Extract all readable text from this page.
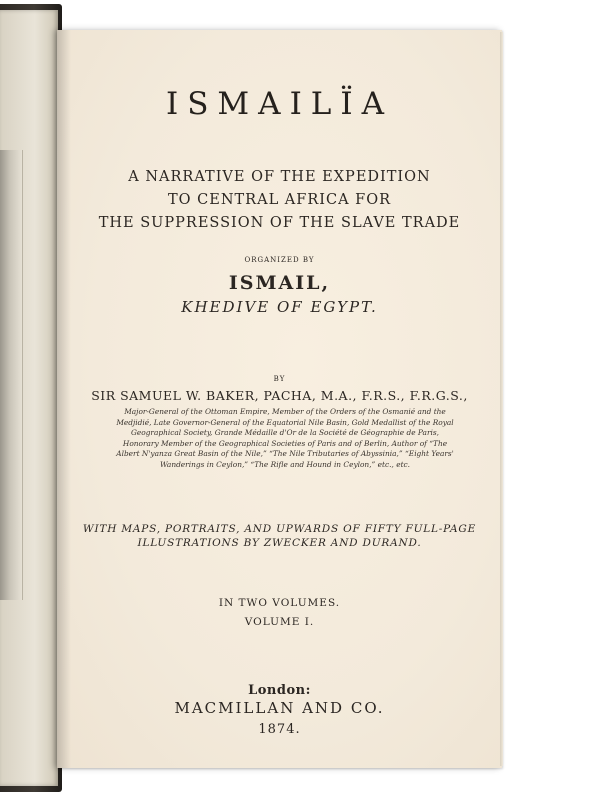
ISMAILÏA
A NARRATIVE OF THE EXPEDITION
TO CENTRAL AFRICA FOR
THE SUPPRESSION OF THE SLAVE TRADE
ORGANIZED BY
ISMAIL,
KHEDIVE OF EGYPT.
BY
SIR SAMUEL W. BAKER, PACHA, M.A., F.R.S., F.R.G.S.,
Major-General of the Ottoman Empire, Member of the Orders of the Osmanié and the Medjidié, Late Governor-General of the Equatorial Nile Basin, Gold Medallist of the Royal Geographical Society, Grande Médaille d'Or de la Société de Géographie de Paris, Honorary Member of the Geographical Societies of Paris and of Berlin, Author of “The Albert N'yanza Great Basin of the Nile,” “The Nile Tributaries of Abyssinia,” “Eight Years' Wanderings in Ceylon,” “The Rifle and Hound in Ceylon,” etc., etc.
WITH MAPS, PORTRAITS, AND UPWARDS OF FIFTY FULL-PAGE
ILLUSTRATIONS BY ZWECKER AND DURAND.
IN TWO VOLUMES.
VOLUME I.
London:
MACMILLAN AND CO.
1874.
